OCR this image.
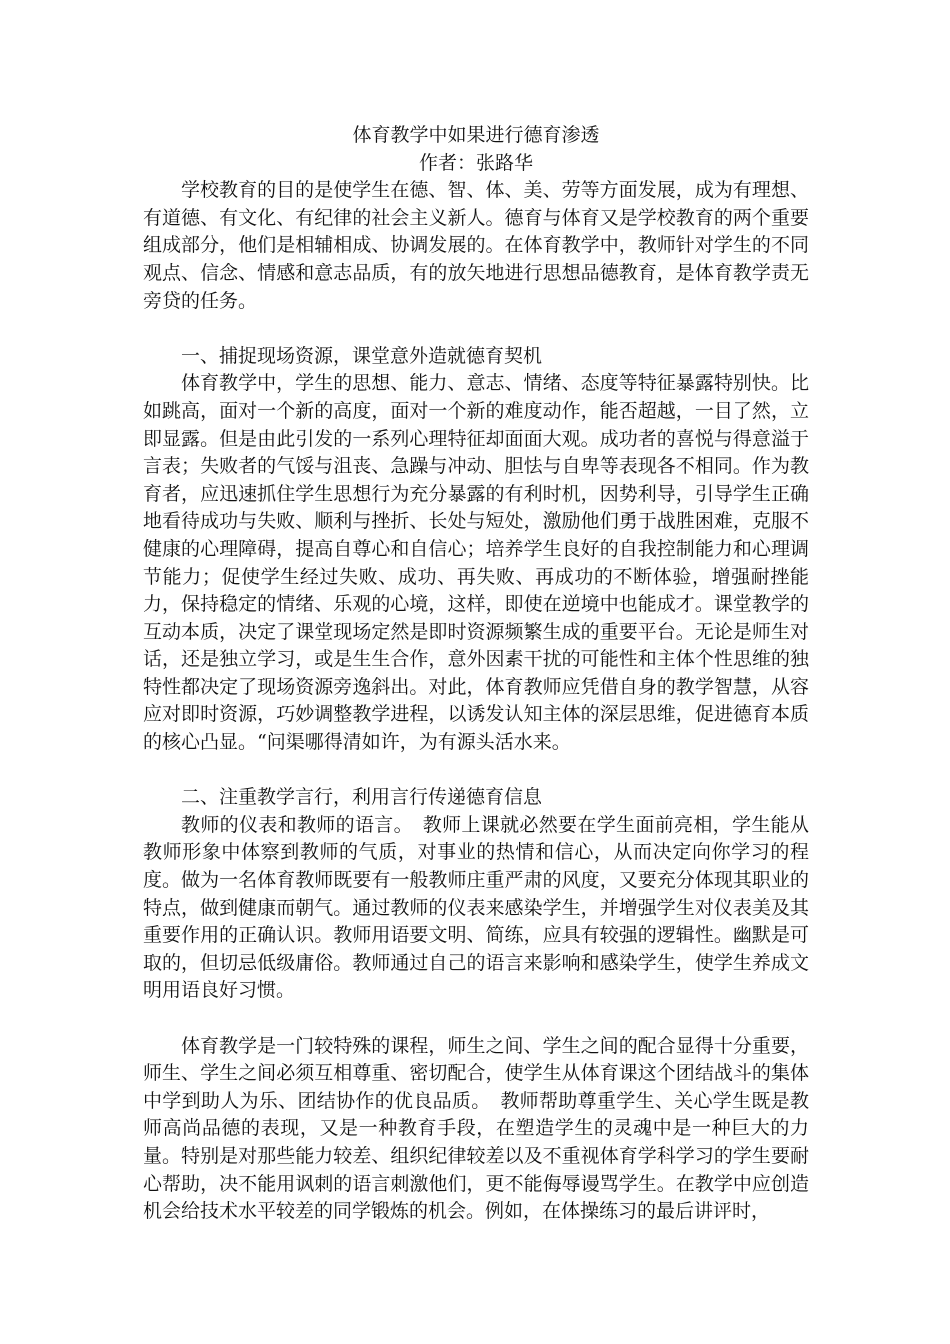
体育教学中如果进行德育渗透

作者：张路华

学校教育的目的是使学生在德、智、体、美、劳等方面发展，成为有理想、有道德、有文化、有纪律的社会主义新人。德育与体育又是学校教育的两个重要组成部分，他们是相辅相成、协调发展的。在体育教学中，教师针对学生的不同观点、信念、情感和意志品质，有的放矢地进行思想品德教育，是体育教学责无旁贷的任务。

一、捕捉现场资源，课堂意外造就德育契机

体育教学中，学生的思想、能力、意志、情绪、态度等特征暴露特别快。比如跳高，面对一个新的高度，面对一个新的难度动作，能否超越，一目了然，立即显露。但是由此引发的一系列心理特征却面面大观。成功者的喜悦与得意溢于言表；失败者的气馁与沮丧、急躁与冲动、胆怯与自卑等表现各不相同。作为教育者，应迅速抓住学生思想行为充分暴露的有利时机，因势利导，引导学生正确地看待成功与失败、顺利与挫折、长处与短处，激励他们勇于战胜困难，克服不健康的心理障碍，提高自尊心和自信心；培养学生良好的自我控制能力和心理调节能力；促使学生经过失败、成功、再失败、再成功的不断体验，增强耐挫能力，保持稳定的情绪、乐观的心境，这样，即使在逆境中也能成才。课堂教学的互动本质，决定了课堂现场定然是即时资源频繁生成的重要平台。无论是师生对话，还是独立学习，或是生生合作，意外因素干扰的可能性和主体个性思维的独特性都决定了现场资源旁逸斜出。对此，体育教师应凭借自身的教学智慧，从容应对即时资源，巧妙调整教学进程，以诱发认知主体的深层思维，促进德育本质的核心凸显。“问渠哪得清如许，为有源头活水来。

二、注重教学言行，利用言行传递德育信息

教师的仪表和教师的语言。　教师上课就必然要在学生面前亮相，学生能从教师形象中体察到教师的气质，对事业的热情和信心，从而决定向你学习的程度。做为一名体育教师既要有一般教师庄重严肃的风度，又要充分体现其职业的特点，做到健康而朝气。通过教师的仪表来感染学生，并增强学生对仪表美及其重要作用的正确认识。教师用语要文明、简练，应具有较强的逻辑性。幽默是可取的，但切忌低级庸俗。教师通过自己的语言来影响和感染学生，使学生养成文明用语良好习惯。

体育教学是一门较特殊的课程，师生之间、学生之间的配合显得十分重要，师生、学生之间必须互相尊重、密切配合，使学生从体育课这个团结战斗的集体中学到助人为乐、团结协作的优良品质。　教师帮助尊重学生、关心学生既是教师高尚品德的表现，又是一种教育手段，在塑造学生的灵魂中是一种巨大的力量。特别是对那些能力较差、组织纪律较差以及不重视体育学科学习的学生要耐心帮助，决不能用讽刺的语言刺激他们，更不能侮辱谩骂学生。在教学中应创造机会给技术水平较差的同学锻炼的机会。例如，在体操练习的最后讲评时，
